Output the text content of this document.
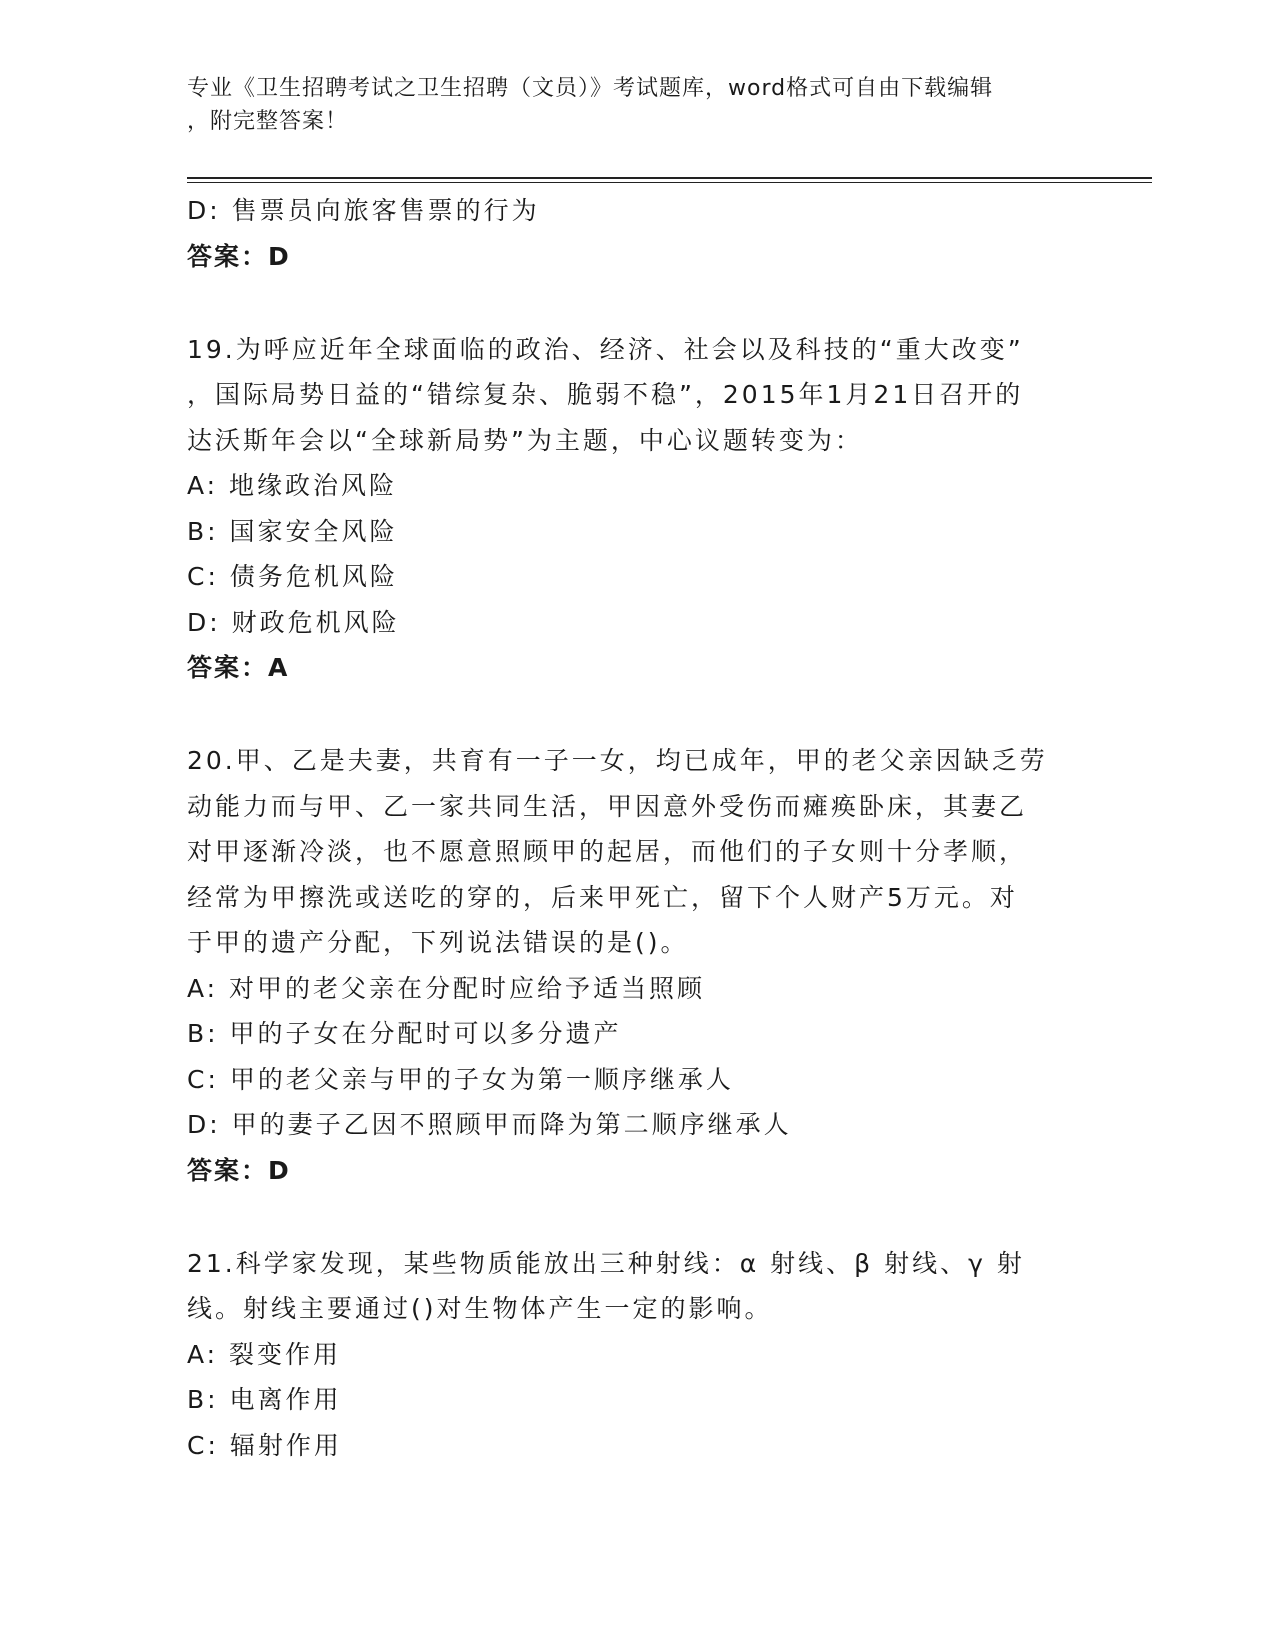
专业《卫生招聘考试之卫生招聘（文员）》考试题库，word格式可自由下载编辑
，附完整答案！
D: 售票员向旅客售票的行为
答案：D
19.为呼应近年全球面临的政治、经济、社会以及科技的“重大改变”
，国际局势日益的“错综复杂、脆弱不稳”，2015年1月21日召开的
达沃斯年会以“全球新局势”为主题，中心议题转变为：
A: 地缘政治风险
B: 国家安全风险
C: 债务危机风险
D: 财政危机风险
答案：A
20.甲、乙是夫妻，共育有一子一女，均已成年，甲的老父亲因缺乏劳
动能力而与甲、乙一家共同生活，甲因意外受伤而瘫痪卧床，其妻乙
对甲逐渐冷淡，也不愿意照顾甲的起居，而他们的子女则十分孝顺，
经常为甲擦洗或送吃的穿的，后来甲死亡，留下个人财产5万元。对
于甲的遗产分配，下列说法错误的是()。
A: 对甲的老父亲在分配时应给予适当照顾
B: 甲的子女在分配时可以多分遗产
C: 甲的老父亲与甲的子女为第一顺序继承人
D: 甲的妻子乙因不照顾甲而降为第二顺序继承人
答案：D
21.科学家发现，某些物质能放出三种射线：α 射线、β 射线、γ 射
线。射线主要通过()对生物体产生一定的影响。
A: 裂变作用
B: 电离作用
C: 辐射作用
